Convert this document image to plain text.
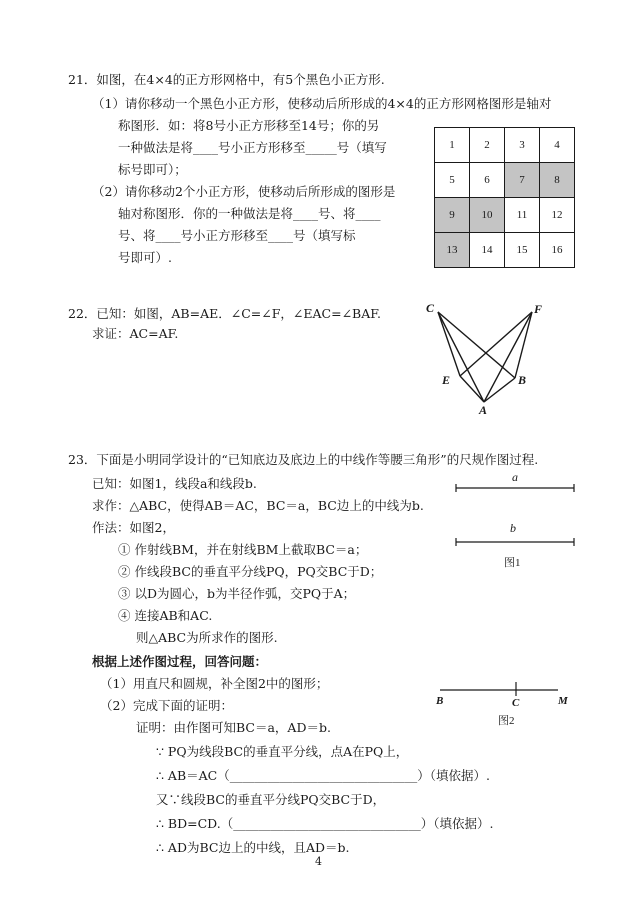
21．如图，在4×4的正方形网格中，有5个黑色小正方形.
（1）请你移动一个黑色小正方形，使移动后所形成的4×4的正方形网格图形是轴对
称图形．如：将8号小正方形移至14号；你的另
一种做法是将____号小正方形移至_____号（填写
标号即可）；
（2）请你移动2个小正方形，使移动后所形成的图形是
轴对称图形．你的一种做法是将____号、将____
号、将____号小正方形移至____号（填写标
号即可）.
1	2	3	4
5	6	7	8
9	10	11	12
13	14	15	16
22．已知：如图，AB=AE．∠C=∠F，∠EAC=∠BAF.
求证：AC=AF.
C	F
E	B
A
23．下面是小明同学设计的“已知底边及底边上的中线作等腰三角形”的尺规作图过程.
已知：如图1，线段a和线段b.
求作：△ABC，使得AB＝AC，BC＝a，BC边上的中线为b.
作法：如图2，
① 作射线BM，并在射线BM上截取BC＝a；
② 作线段BC的垂直平分线PQ，PQ交BC于D；
③ 以D为圆心，b为半径作弧，交PQ于A；
④ 连接AB和AC.
则△ABC为所求作的图形.
根据上述作图过程，回答问题：
（1）用直尺和圆规，补全图2中的图形；
（2）完成下面的证明：
证明：由作图可知BC＝a，AD＝b.
∵ PQ为线段BC的垂直平分线，点A在PQ上，
∴ AB＝AC（______________________________）（填依据）.
又∵线段BC的垂直平分线PQ交BC于D，
∴ BD=CD.（______________________________）（填依据）.
∴ AD为BC边上的中线，且AD＝b.
a
b
图1
B	C	M
图2
4
